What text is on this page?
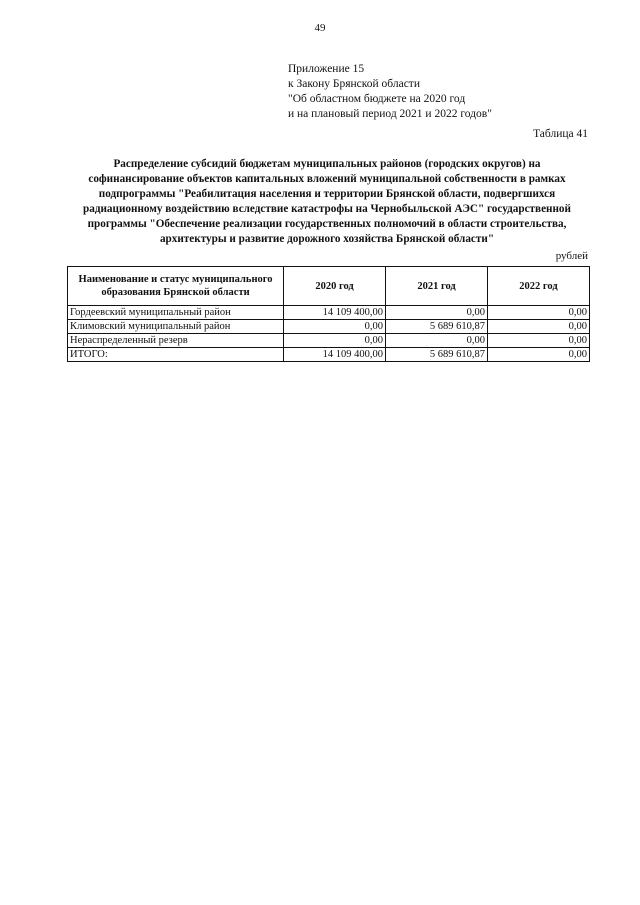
49
Приложение 15
к Закону Брянской области
"Об областном бюджете на 2020 год
и на плановый период 2021 и 2022 годов"
Таблица 41
Распределение субсидий бюджетам муниципальных районов (городских округов) на
софинансирование объектов капитальных вложений муниципальной собственности в рамках
подпрограммы "Реабилитация населения и территории Брянской области, подвергшихся
радиационному воздействию вследствие катастрофы на Чернобыльской АЭС" государственной
программы "Обеспечение реализации государственных полномочий в области строительства,
архитектуры и развитие дорожного хозяйства Брянской области"
рублей
Наименование и статус муниципального
образования Брянской области	2020 год	2021 год	2022 год
Гордеевский муниципальный район	14 109 400,00	0,00	0,00
Климовский муниципальный район	0,00	5 689 610,87	0,00
Нераспределенный резерв	0,00	0,00	0,00
ИТОГО:	14 109 400,00	5 689 610,87	0,00
